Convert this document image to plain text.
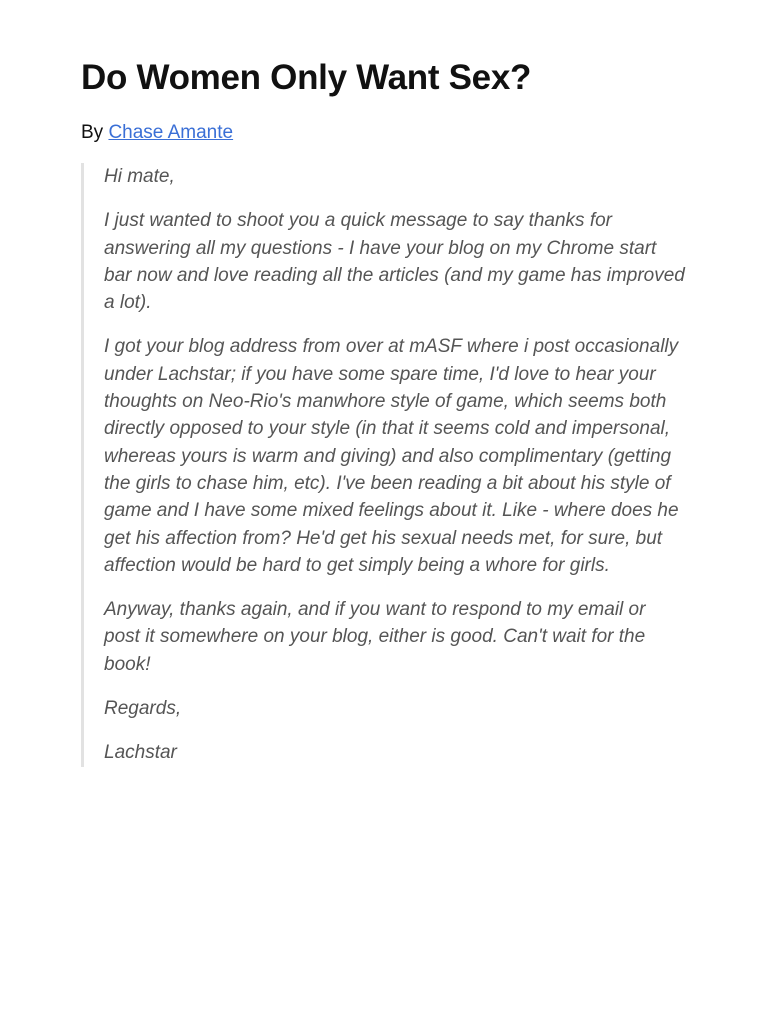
Do Women Only Want Sex?
By Chase Amante

Hi mate,

I just wanted to shoot you a quick message to say thanks for answering all my questions - I have your blog on my Chrome start bar now and love reading all the articles (and my game has improved a lot).

I got your blog address from over at mASF where i post occasionally under Lachstar; if you have some spare time, I'd love to hear your thoughts on Neo-Rio's manwhore style of game, which seems both directly opposed to your style (in that it seems cold and impersonal, whereas yours is warm and giving) and also complimentary (getting the girls to chase him, etc). I've been reading a bit about his style of game and I have some mixed feelings about it. Like - where does he get his affection from? He'd get his sexual needs met, for sure, but affection would be hard to get simply being a whore for girls.

Anyway, thanks again, and if you want to respond to my email or post it somewhere on your blog, either is good. Can't wait for the book!

Regards,

Lachstar
